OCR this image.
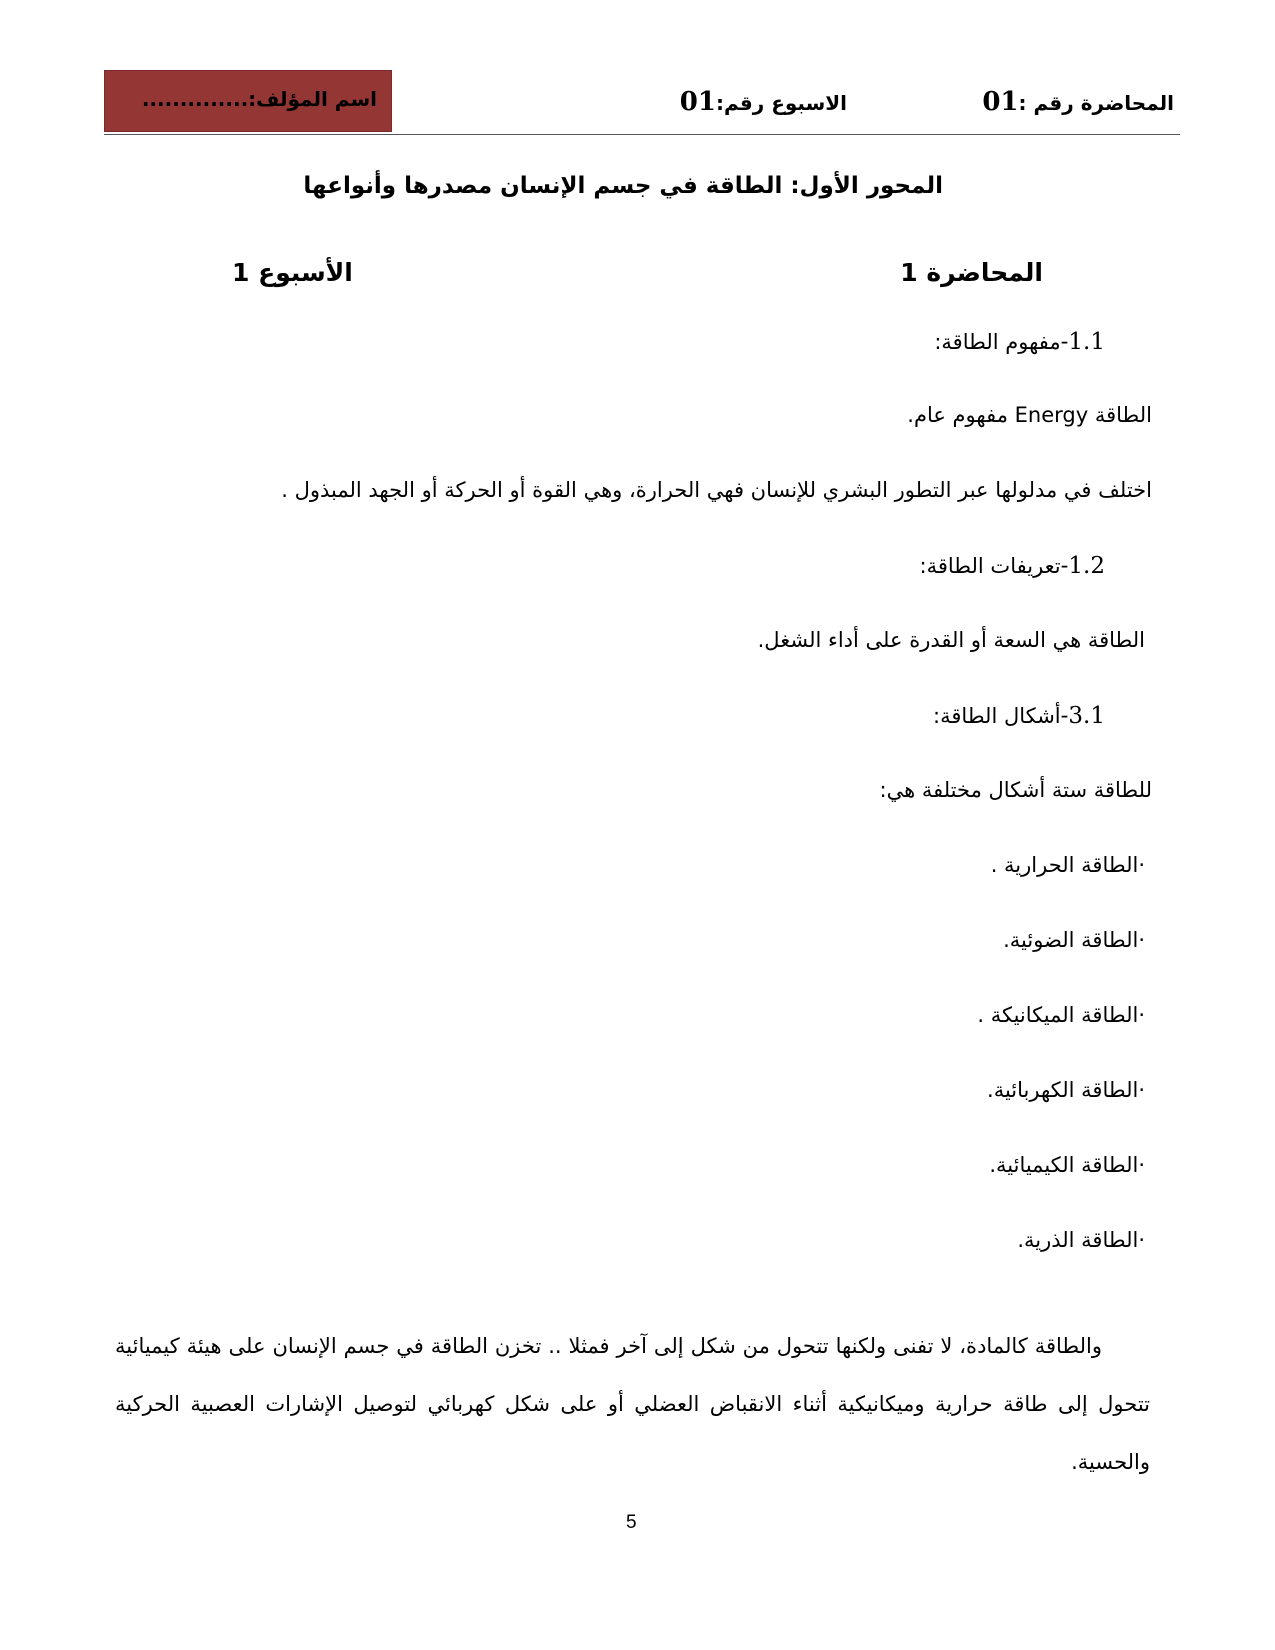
اسم المؤلف:..............	الاسبوع رقم:01	المحاضرة رقم :01
المحور الأول: الطاقة في جسم الإنسان مصدرها وأنواعها
المحاضرة 1
الأسبوع 1
1.1-مفهوم الطاقة:
الطاقة Energy مفهوم عام.
اختلف في مدلولها عبر التطور البشري للإنسان فهي الحرارة، وهي القوة أو الحركة أو الجهد المبذول .
1.2-تعريفات الطاقة:
الطاقة هي السعة أو القدرة على أداء الشغل.
3.1-أشكال الطاقة:
للطاقة ستة أشكال مختلفة هي:
·الطاقة الحرارية .
·الطاقة الضوئية.
·الطاقة الميكانيكة .
·الطاقة الكهربائية.
·الطاقة الكيميائية.
·الطاقة الذرية.
والطاقة كالمادة، لا تفنى ولكنها تتحول من شكل إلى آخر فمثلا .. تخزن الطاقة في جسم الإنسان على هيئة كيميائية تتحول إلى طاقة حرارية وميكانيكية أثناء الانقباض العضلي أو على شكل كهربائي لتوصيل الإشارات العصبية الحركية والحسية.
5
